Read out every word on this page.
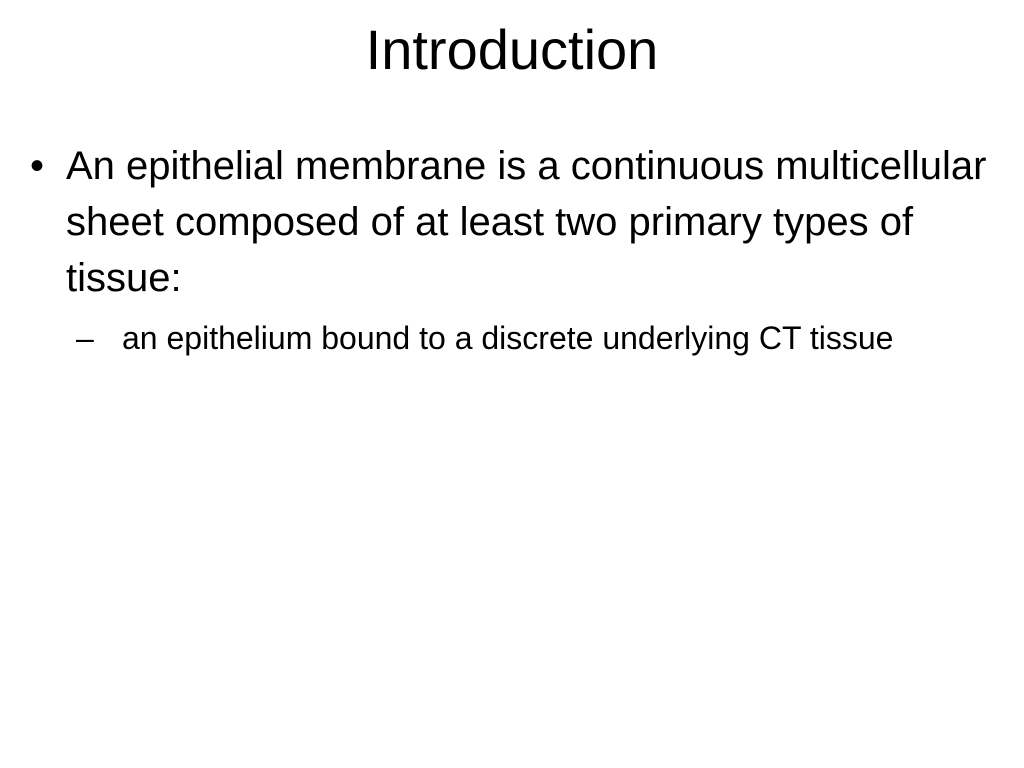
Introduction
• An epithelial membrane is a continuous multicellular sheet composed of at least two primary types of tissue:
– an epithelium bound to a discrete underlying CT tissue
